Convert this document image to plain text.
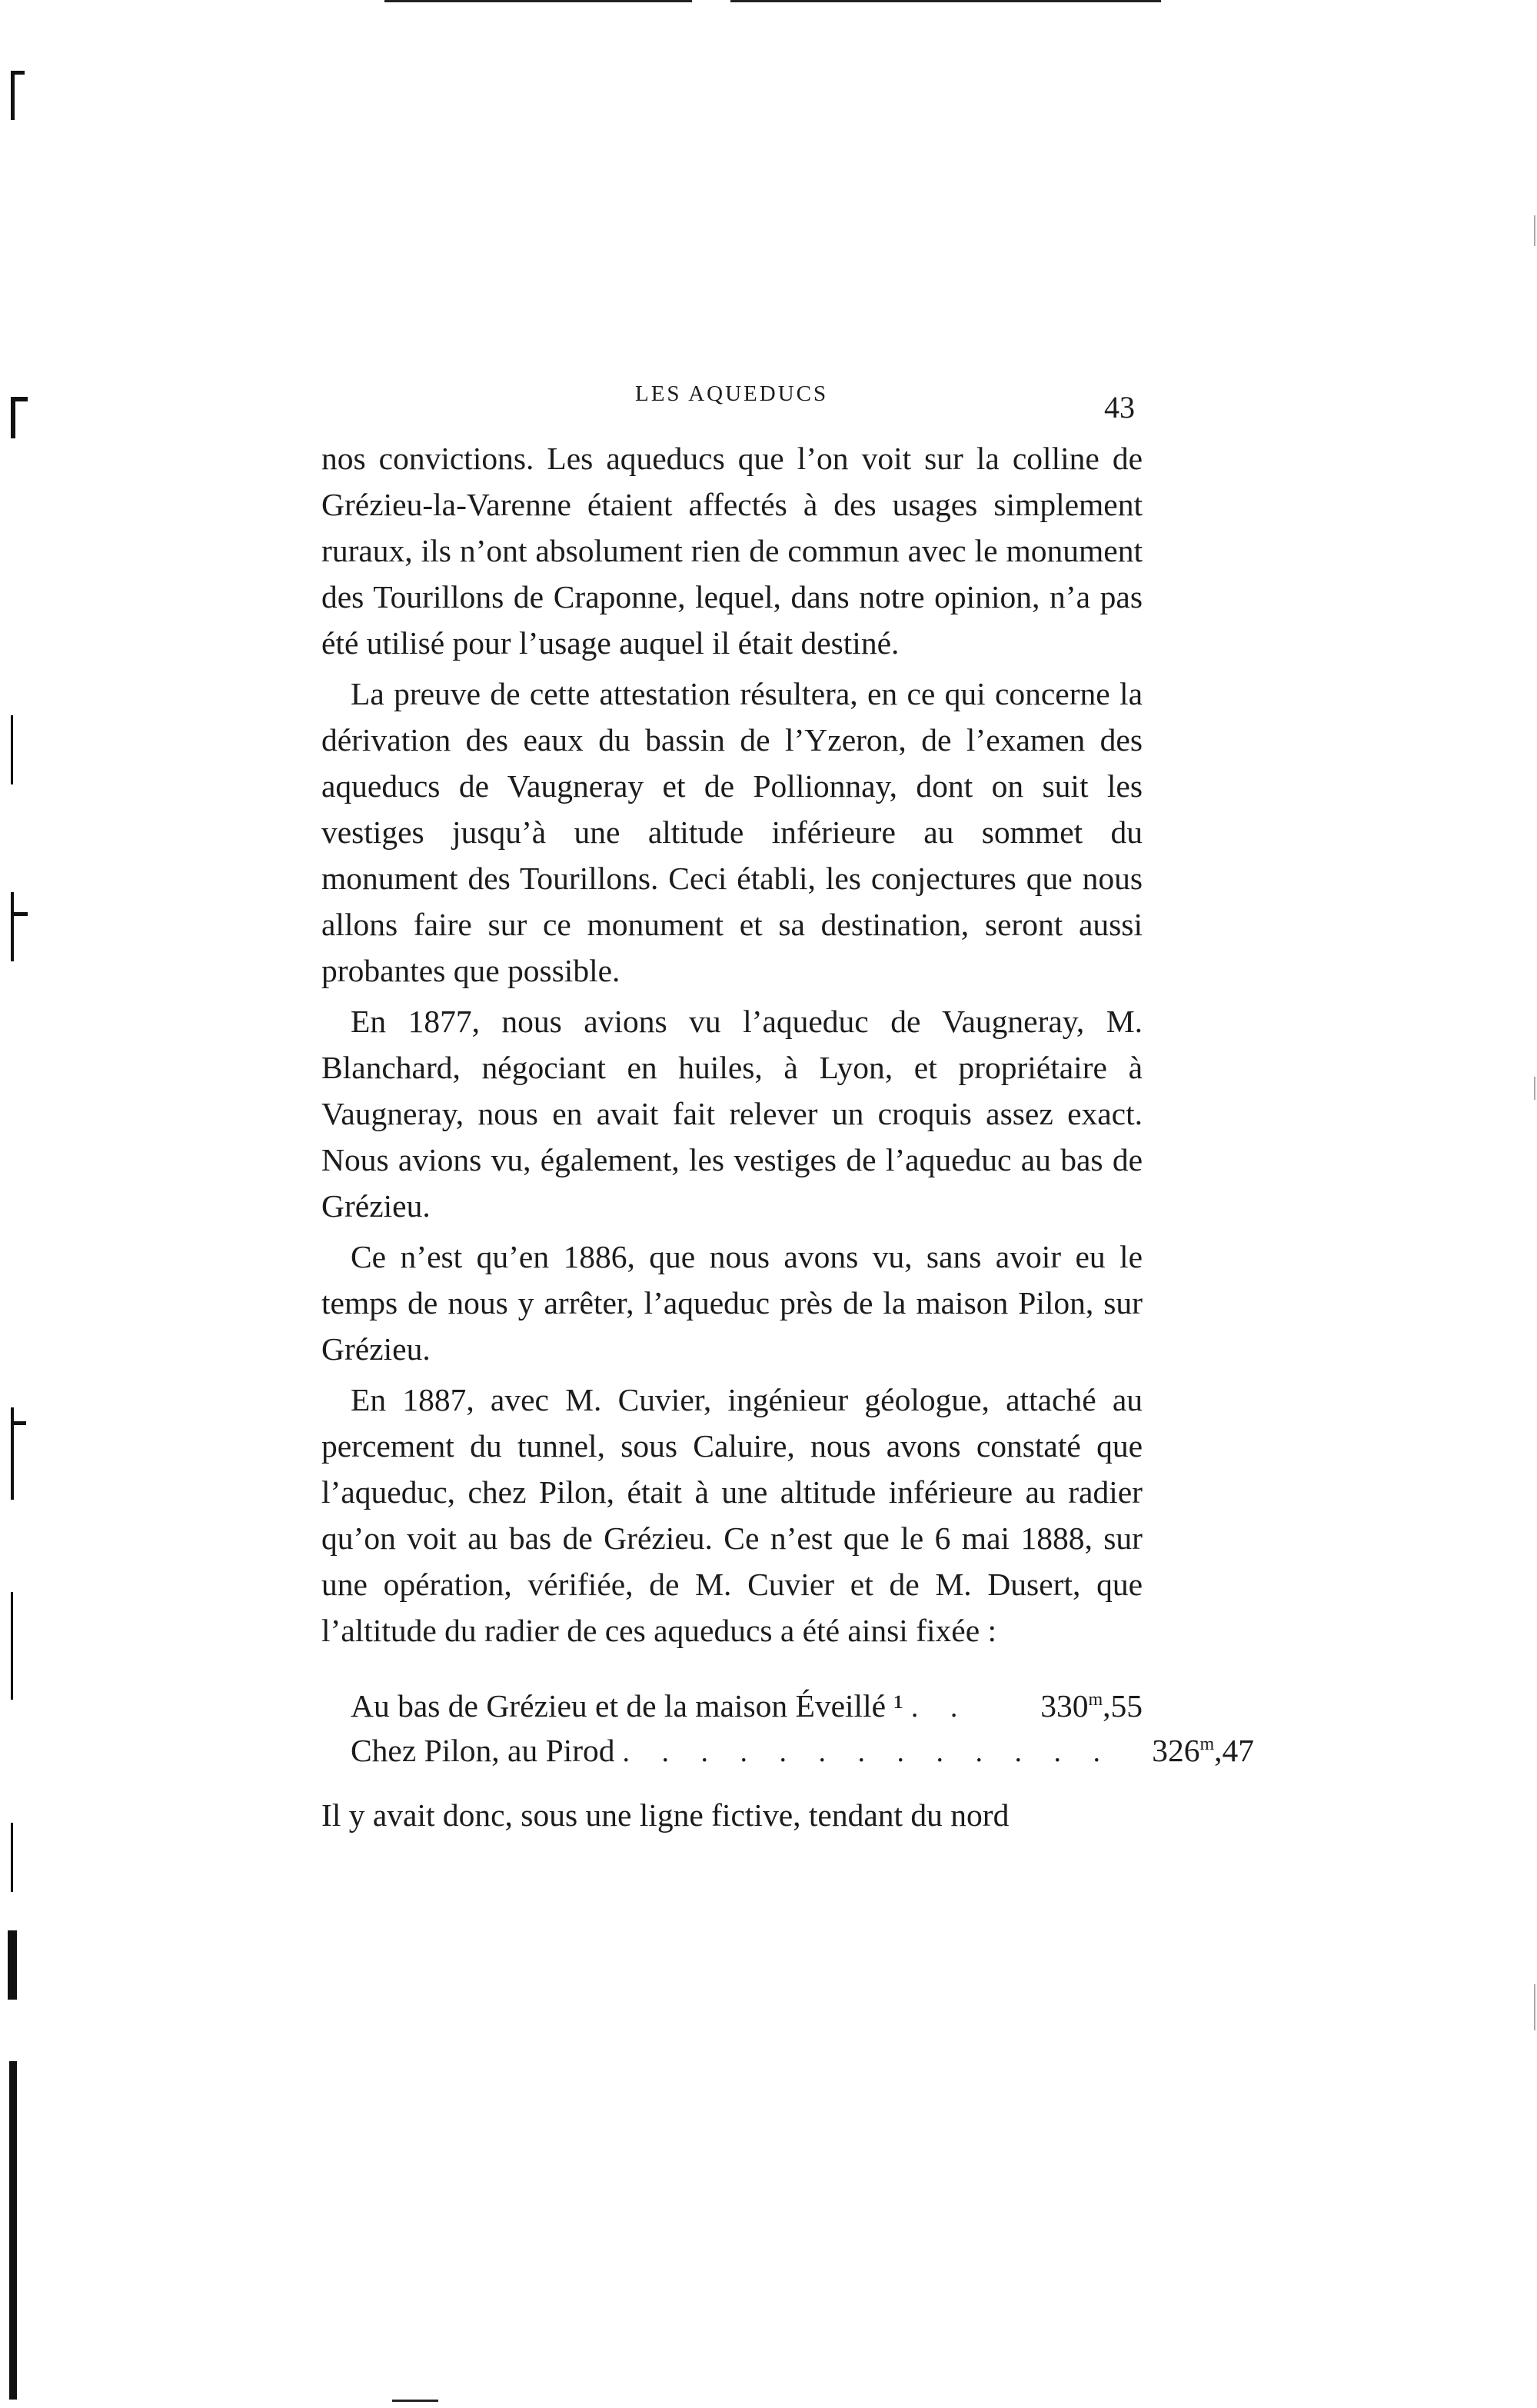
LES AQUEDUCS	43

nos convictions. Les aqueducs que l’on voit sur la colline de Grézieu-la-Varenne étaient affectés à des usages simplement ruraux, ils n’ont absolument rien de commun avec le monument des Tourillons de Craponne, lequel, dans notre opinion, n’a pas été utilisé pour l’usage auquel il était destiné.

La preuve de cette attestation résultera, en ce qui concerne la dérivation des eaux du bassin de l’Yzeron, de l’examen des aqueducs de Vaugneray et de Pollionnay, dont on suit les vestiges jusqu’à une altitude inférieure au sommet du monument des Tourillons. Ceci établi, les conjectures que nous allons faire sur ce monument et sa destination, seront aussi probantes que possible.

En 1877, nous avions vu l’aqueduc de Vaugneray, M. Blanchard, négociant en huiles, à Lyon, et propriétaire à Vaugneray, nous en avait fait relever un croquis assez exact. Nous avions vu, également, les vestiges de l’aqueduc au bas de Grézieu.

Ce n’est qu’en 1886, que nous avons vu, sans avoir eu le temps de nous y arrêter, l’aqueduc près de la maison Pilon, sur Grézieu.

En 1887, avec M. Cuvier, ingénieur géologue, attaché au percement du tunnel, sous Caluire, nous avons constaté que l’aqueduc, chez Pilon, était à une altitude inférieure au radier qu’on voit au bas de Grézieu. Ce n’est que le 6 mai 1888, sur une opération, vérifiée, de M. Cuvier et de M. Dusert, que l’altitude du radier de ces aqueducs a été ainsi fixée :

Au bas de Grézieu et de la maison Éveillé ¹ . .	330$^m$,55
Chez Pilon, au Pirod . . . . . . . . . . . . .	326$^m$,47

Il y avait donc, sous une ligne fictive, tendant du nord
